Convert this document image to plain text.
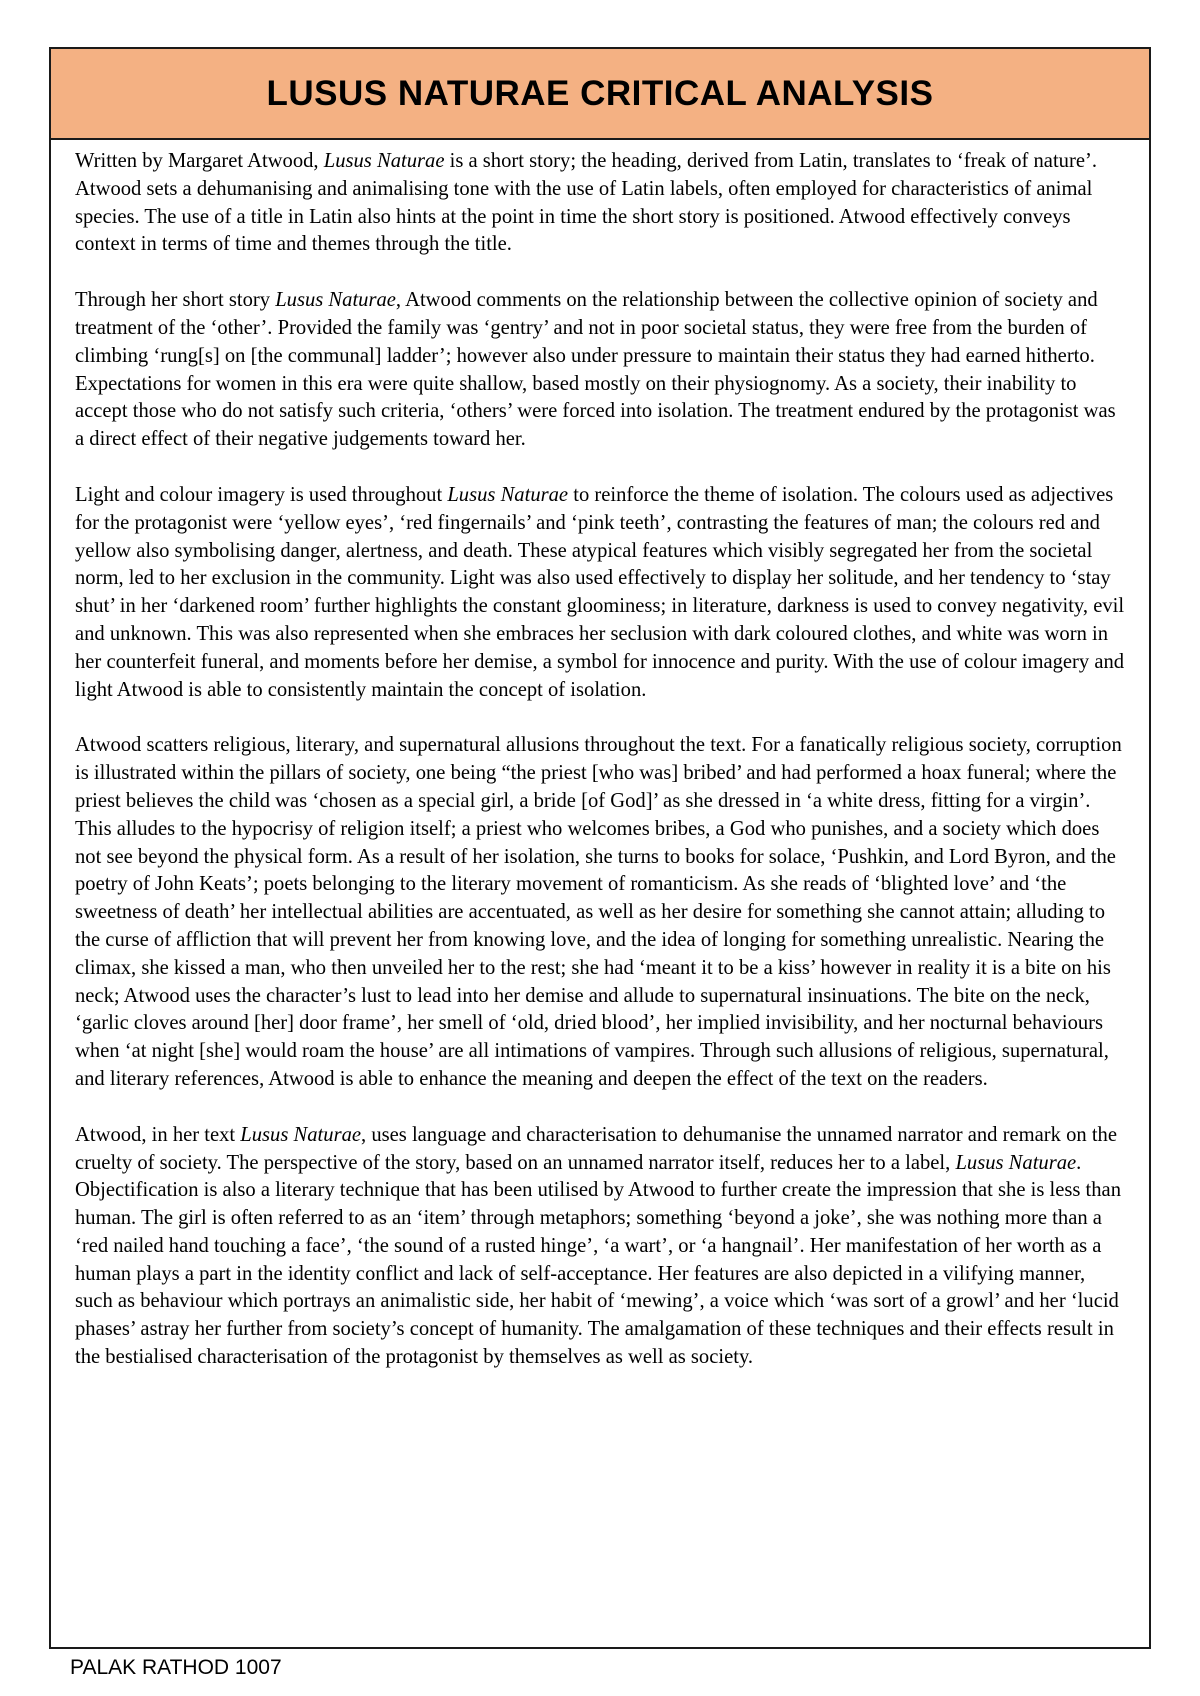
LUSUS NATURAE CRITICAL ANALYSIS

Written by Margaret Atwood, Lusus Naturae is a short story; the heading, derived from Latin, translates to ‘freak of nature’. Atwood sets a dehumanising and animalising tone with the use of Latin labels, often employed for characteristics of animal species. The use of a title in Latin also hints at the point in time the short story is positioned. Atwood effectively conveys context in terms of time and themes through the title.

Through her short story Lusus Naturae, Atwood comments on the relationship between the collective opinion of society and treatment of the ‘other’. Provided the family was ‘gentry’ and not in poor societal status, they were free from the burden of climbing ‘rung[s] on [the communal] ladder’; however also under pressure to maintain their status they had earned hitherto. Expectations for women in this era were quite shallow, based mostly on their physiognomy. As a society, their inability to accept those who do not satisfy such criteria, ‘others’ were forced into isolation. The treatment endured by the protagonist was a direct effect of their negative judgements toward her.

Light and colour imagery is used throughout Lusus Naturae to reinforce the theme of isolation. The colours used as adjectives for the protagonist were ‘yellow eyes’, ‘red fingernails’ and ‘pink teeth’, contrasting the features of man; the colours red and yellow also symbolising danger, alertness, and death. These atypical features which visibly segregated her from the societal norm, led to her exclusion in the community. Light was also used effectively to display her solitude, and her tendency to ‘stay shut’ in her ‘darkened room’ further highlights the constant gloominess; in literature, darkness is used to convey negativity, evil and unknown. This was also represented when she embraces her seclusion with dark coloured clothes, and white was worn in her counterfeit funeral, and moments before her demise, a symbol for innocence and purity. With the use of colour imagery and light Atwood is able to consistently maintain the concept of isolation.

Atwood scatters religious, literary, and supernatural allusions throughout the text. For a fanatically religious society, corruption is illustrated within the pillars of society, one being “the priest [who was] bribed’ and had performed a hoax funeral; where the priest believes the child was ‘chosen as a special girl, a bride [of God]’ as she dressed in ‘a white dress, fitting for a virgin’. This alludes to the hypocrisy of religion itself; a priest who welcomes bribes, a God who punishes, and a society which does not see beyond the physical form. As a result of her isolation, she turns to books for solace, ‘Pushkin, and Lord Byron, and the poetry of John Keats’; poets belonging to the literary movement of romanticism. As she reads of ‘blighted love’ and ‘the sweetness of death’ her intellectual abilities are accentuated, as well as her desire for something she cannot attain; alluding to the curse of affliction that will prevent her from knowing love, and the idea of longing for something unrealistic. Nearing the climax, she kissed a man, who then unveiled her to the rest; she had ‘meant it to be a kiss’ however in reality it is a bite on his neck; Atwood uses the character’s lust to lead into her demise and allude to supernatural insinuations. The bite on the neck, ‘garlic cloves around [her] door frame’, her smell of ‘old, dried blood’, her implied invisibility, and her nocturnal behaviours when ‘at night [she] would roam the house’ are all intimations of vampires. Through such allusions of religious, supernatural, and literary references, Atwood is able to enhance the meaning and deepen the effect of the text on the readers.

Atwood, in her text Lusus Naturae, uses language and characterisation to dehumanise the unnamed narrator and remark on the cruelty of society. The perspective of the story, based on an unnamed narrator itself, reduces her to a label, Lusus Naturae. Objectification is also a literary technique that has been utilised by Atwood to further create the impression that she is less than human. The girl is often referred to as an ‘item’ through metaphors; something ‘beyond a joke’, she was nothing more than a ‘red nailed hand touching a face’, ‘the sound of a rusted hinge’, ‘a wart’, or ‘a hangnail’. Her manifestation of her worth as a human plays a part in the identity conflict and lack of self-acceptance. Her features are also depicted in a vilifying manner, such as behaviour which portrays an animalistic side, her habit of ‘mewing’, a voice which ‘was sort of a growl’ and her ‘lucid phases’ astray her further from society’s concept of humanity. The amalgamation of these techniques and their effects result in the bestialised characterisation of the protagonist by themselves as well as society.

PALAK RATHOD 1007
